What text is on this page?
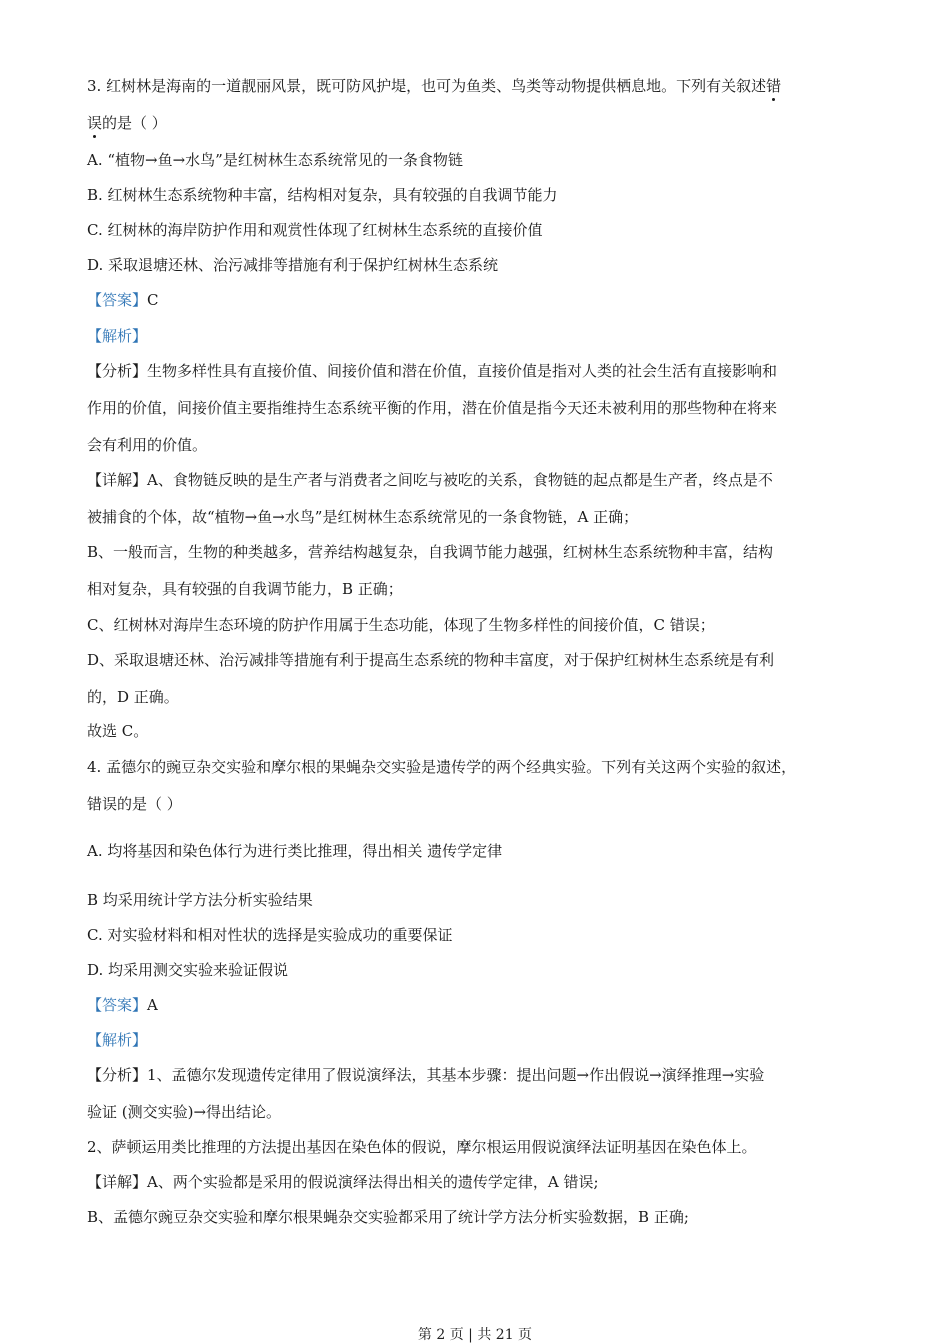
3. 红树林是海南的一道靓丽风景，既可防风护堤，也可为鱼类、鸟类等动物提供栖息地。下列有关叙述错
误的是（ ）
A. “植物→鱼→水鸟”是红树林生态系统常见的一条食物链
B. 红树林生态系统物种丰富，结构相对复杂，具有较强的自我调节能力
C. 红树林的海岸防护作用和观赏性体现了红树林生态系统的直接价值
D. 采取退塘还林、治污减排等措施有利于保护红树林生态系统
【答案】C
【解析】
【分析】生物多样性具有直接价值、间接价值和潜在价值，直接价值是指对人类的社会生活有直接影响和
作用的价值，间接价值主要指维持生态系统平衡的作用，潜在价值是指今天还未被利用的那些物种在将来
会有利用的价值。
【详解】A、食物链反映的是生产者与消费者之间吃与被吃的关系，食物链的起点都是生产者，终点是不
被捕食的个体，故“植物→鱼→水鸟”是红树林生态系统常见的一条食物链，A 正确；
B、一般而言，生物的种类越多，营养结构越复杂，自我调节能力越强，红树林生态系统物种丰富，结构
相对复杂，具有较强的自我调节能力，B 正确；
C、红树林对海岸生态环境的防护作用属于生态功能，体现了生物多样性的间接价值，C 错误；
D、采取退塘还林、治污减排等措施有利于提高生态系统的物种丰富度，对于保护红树林生态系统是有利
的，D 正确。
故选 C。
4. 孟德尔的豌豆杂交实验和摩尔根的果蝇杂交实验是遗传学的两个经典实验。下列有关这两个实验的叙述，
错误的是（ ）
A. 均将基因和染色体行为进行类比推理，得出相关 遗传学定律
B 均采用统计学方法分析实验结果
C. 对实验材料和相对性状的选择是实验成功的重要保证
D. 均采用测交实验来验证假说
【答案】A
【解析】
【分析】1、孟德尔发现遗传定律用了假说演绎法，其基本步骤：提出问题→作出假说→演绎推理→实验
验证 (测交实验)→得出结论。
2、萨顿运用类比推理的方法提出基因在染色体的假说，摩尔根运用假说演绎法证明基因在染色体上。
【详解】A、两个实验都是采用的假说演绎法得出相关的遗传学定律，A 错误;
B、孟德尔豌豆杂交实验和摩尔根果蝇杂交实验都采用了统计学方法分析实验数据，B 正确;
第 2 页 | 共 21 页
